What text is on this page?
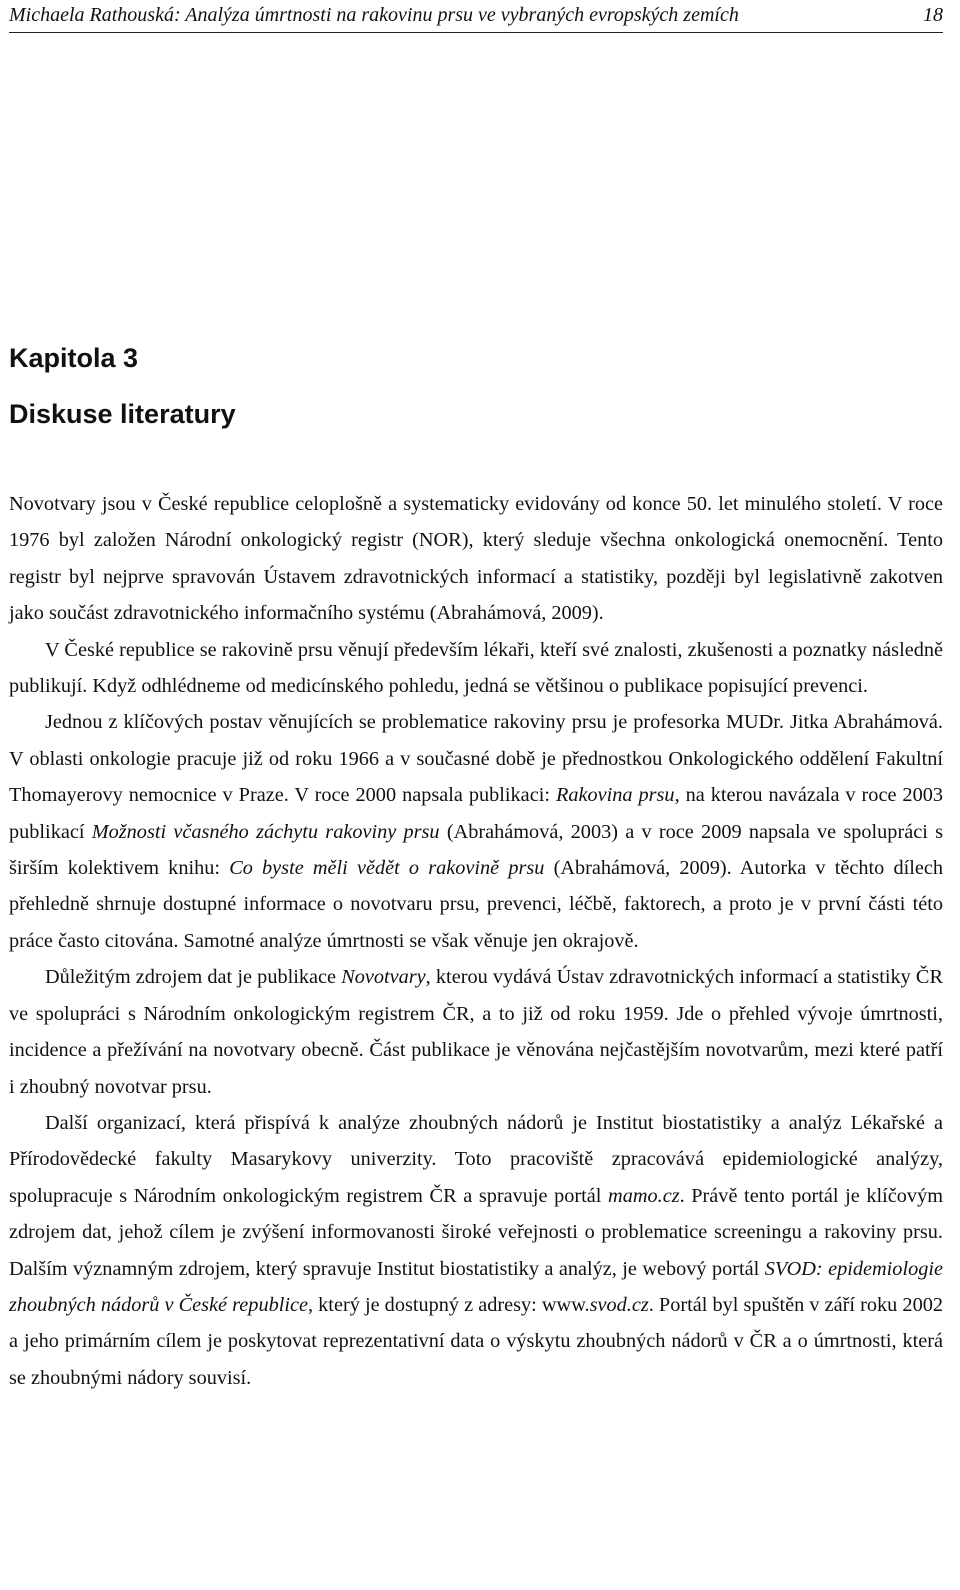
Michaela Rathouská: Analýza úmrtnosti na rakovinu prsu ve vybraných evropských zemích	18
Kapitola 3
Diskuse literatury

Novotvary jsou v České republice celoplošně a systematicky evidovány od konce 50. let minulého století. V roce 1976 byl založen Národní onkologický registr (NOR), který sleduje všechna onkologická onemocnění. Tento registr byl nejprve spravován Ústavem zdravotnických informací a statistiky, později byl legislativně zakotven jako součást zdravotnického informačního systému (Abrahámová, 2009).

V České republice se rakovině prsu věnují především lékaři, kteří své znalosti, zkušenosti a poznatky následně publikují. Když odhlédneme od medicínského pohledu, jedná se většinou o publikace popisující prevenci.

Jednou z klíčových postav věnujících se problematice rakoviny prsu je profesorka MUDr. Jitka Abrahámová. V oblasti onkologie pracuje již od roku 1966 a v současné době je přednostkou Onkologického oddělení Fakultní Thomayerovy nemocnice v Praze. V roce 2000 napsala publikaci: Rakovina prsu, na kterou navázala v roce 2003 publikací Možnosti včasného záchytu rakoviny prsu (Abrahámová, 2003) a v roce 2009 napsala ve spolupráci s širším kolektivem knihu: Co byste měli vědět o rakovině prsu (Abrahámová, 2009). Autorka v těchto dílech přehledně shrnuje dostupné informace o novotvaru prsu, prevenci, léčbě, faktorech, a proto je v první části této práce často citována. Samotné analýze úmrtnosti se však věnuje jen okrajově.

Důležitým zdrojem dat je publikace Novotvary, kterou vydává Ústav zdravotnických informací a statistiky ČR ve spolupráci s Národním onkologickým registrem ČR, a to již od roku 1959. Jde o přehled vývoje úmrtnosti, incidence a přežívání na novotvary obecně. Část publikace je věnována nejčastějším novotvarům, mezi které patří i zhoubný novotvar prsu.

Další organizací, která přispívá k analýze zhoubných nádorů je Institut biostatistiky a analýz Lékařské a Přírodovědecké fakulty Masarykovy univerzity. Toto pracoviště zpracovává epidemiologické analýzy, spolupracuje s Národním onkologickým registrem ČR a spravuje portál mamo.cz. Právě tento portál je klíčovým zdrojem dat, jehož cílem je zvýšení informovanosti široké veřejnosti o problematice screeningu a rakoviny prsu. Dalším významným zdrojem, který spravuje Institut biostatistiky a analýz, je webový portál SVOD: epidemiologie zhoubných nádorů v České republice, který je dostupný z adresy: www.svod.cz. Portál byl spuštěn v září roku 2002 a jeho primárním cílem je poskytovat reprezentativní data o výskytu zhoubných nádorů v ČR a o úmrtnosti, která se zhoubnými nádory souvisí.
